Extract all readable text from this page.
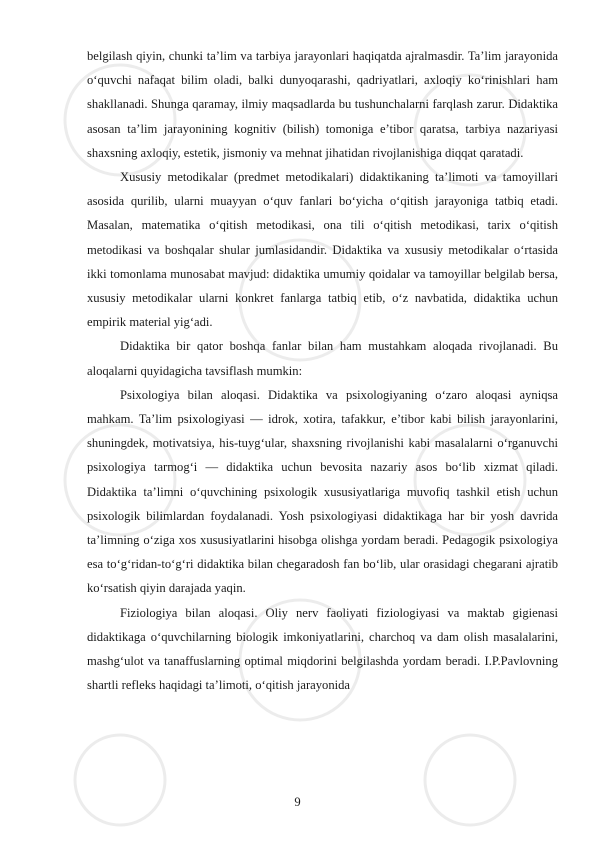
belgilash qiyin, chunki ta’lim va tarbiya jarayonlari haqiqatda ajralmasdir. Ta’lim jarayonida o‘quvchi nafaqat bilim oladi, balki dunyoqarashi, qadriyatlari, axloqiy ko‘rinishlari ham shakllanadi. Shunga qaramay, ilmiy maqsadlarda bu tushunchalarni farqlash zarur. Didaktika asosan ta’lim jarayonining kognitiv (bilish) tomoniga e’tibor qaratsa, tarbiya nazariyasi shaxsning axloqiy, estetik, jismoniy va mehnat jihatidan rivojlanishiga diqqat qaratadi.

Xususiy metodikalar (predmet metodikalari) didaktikaning ta’limoti va tamoyillari asosida qurilib, ularni muayyan o‘quv fanlari bo‘yicha o‘qitish jarayoniga tatbiq etadi. Masalan, matematika o‘qitish metodikasi, ona tili o‘qitish metodikasi, tarix o‘qitish metodikasi va boshqalar shular jumlasidandir. Didaktika va xususiy metodikalar o‘rtasida ikki tomonlama munosabat mavjud: didaktika umumiy qoidalar va tamoyillar belgilab bersa, xususiy metodikalar ularni konkret fanlarga tatbiq etib, o‘z navbatida, didaktika uchun empirik material yig‘adi.

Didaktika bir qator boshqa fanlar bilan ham mustahkam aloqada rivojlanadi. Bu aloqalarni quyidagicha tavsiflash mumkin:

Psixologiya bilan aloqasi. Didaktika va psixologiyaning o‘zaro aloqasi ayniqsa mahkam. Ta’lim psixologiyasi — idrok, xotira, tafakkur, e’tibor kabi bilish jarayonlarini, shuningdek, motivatsiya, his-tuyg‘ular, shaxsning rivojlanishi kabi masalalarni o‘rganuvchi psixologiya tarmog‘i — didaktika uchun bevosita nazariy asos bo‘lib xizmat qiladi. Didaktika ta’limni o‘quvchining psixologik xususiyatlariga muvofiq tashkil etish uchun psixologik bilimlardan foydalanadi. Yosh psixologiyasi didaktikaga har bir yosh davrida ta’limning o‘ziga xos xususiyatlarini hisobga olishga yordam beradi. Pedagogik psixologiya esa to‘g‘ridan-to‘g‘ri didaktika bilan chegaradosh fan bo‘lib, ular orasidagi chegarani ajratib ko‘rsatish qiyin darajada yaqin.

Fiziologiya bilan aloqasi. Oliy nerv faoliyati fiziologiyasi va maktab gigienasi didaktikaga o‘quvchilarning biologik imkoniyatlarini, charchoq va dam olish masalalarini, mashg‘ulot va tanaffuslarning optimal miqdorini belgilashda yordam beradi. I.P.Pavlovning shartli refleks haqidagi ta’limoti, o‘qitish jarayonida

9
